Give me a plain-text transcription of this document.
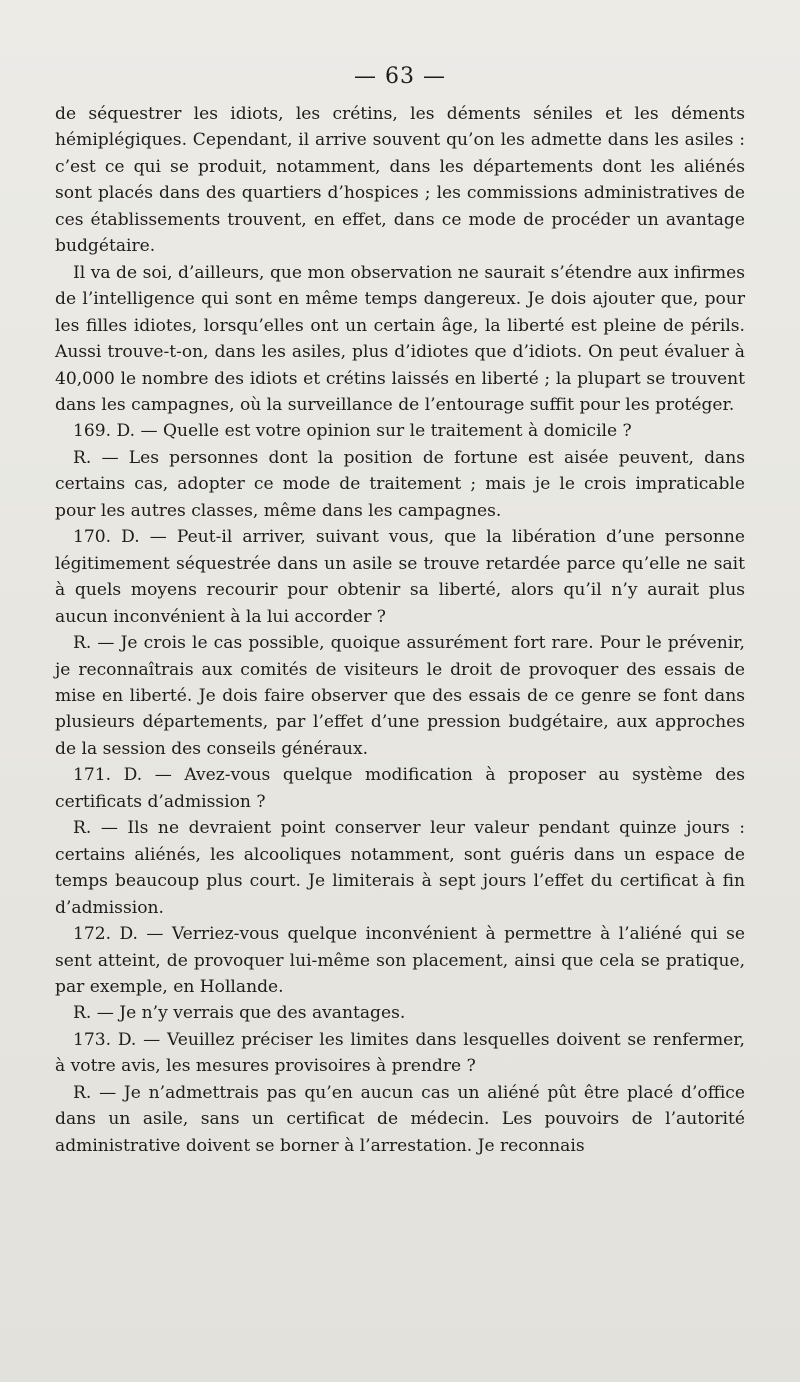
— 63 —

de séquestrer les idiots, les crétins, les déments séniles et les déments hémiplégiques. Cependant, il arrive souvent qu’on les admette dans les asiles : c’est ce qui se produit, notamment, dans les départements dont les aliénés sont placés dans des quartiers d’hospices ; les commissions administratives de ces établissements trouvent, en effet, dans ce mode de procéder un avantage budgétaire.

Il va de soi, d’ailleurs, que mon observation ne saurait s’étendre aux infirmes de l’intelligence qui sont en même temps dangereux. Je dois ajouter que, pour les filles idiotes, lorsqu’elles ont un certain âge, la liberté est pleine de périls. Aussi trouve-t-on, dans les asiles, plus d’idiotes que d’idiots. On peut évaluer à 40,000 le nombre des idiots et crétins laissés en liberté ; la plupart se trouvent dans les campagnes, où la surveillance de l’entourage suffit pour les protéger.

169. D. — Quelle est votre opinion sur le traitement à domicile ?

R. — Les personnes dont la position de fortune est aisée peuvent, dans certains cas, adopter ce mode de traitement ; mais je le crois impraticable pour les autres classes, même dans les campagnes.

170. D. — Peut-il arriver, suivant vous, que la libération d’une personne légitimement séquestrée dans un asile se trouve retardée parce qu’elle ne sait à quels moyens recourir pour obtenir sa liberté, alors qu’il n’y aurait plus aucun inconvénient à la lui accorder ?

R. — Je crois le cas possible, quoique assurément fort rare. Pour le prévenir, je reconnaîtrais aux comités de visiteurs le droit de provoquer des essais de mise en liberté. Je dois faire observer que des essais de ce genre se font dans plusieurs départements, par l’effet d’une pression budgétaire, aux approches de la session des conseils généraux.

171. D. — Avez-vous quelque modification à proposer au système des certificats d’admission ?

R. — Ils ne devraient point conserver leur valeur pendant quinze jours : certains aliénés, les alcooliques notamment, sont guéris dans un espace de temps beaucoup plus court. Je limiterais à sept jours l’effet du certificat à fin d’admission.

172. D. — Verriez-vous quelque inconvénient à permettre à l’aliéné qui se sent atteint, de provoquer lui-même son placement, ainsi que cela se pratique, par exemple, en Hollande.

R. — Je n’y verrais que des avantages.

173. D. — Veuillez préciser les limites dans lesquelles doivent se renfermer, à votre avis, les mesures provisoires à prendre ?

R. — Je n’admettrais pas qu’en aucun cas un aliéné pût être placé d’office dans un asile, sans un certificat de médecin. Les pouvoirs de l’autorité administrative doivent se borner à l’arrestation. Je reconnais
